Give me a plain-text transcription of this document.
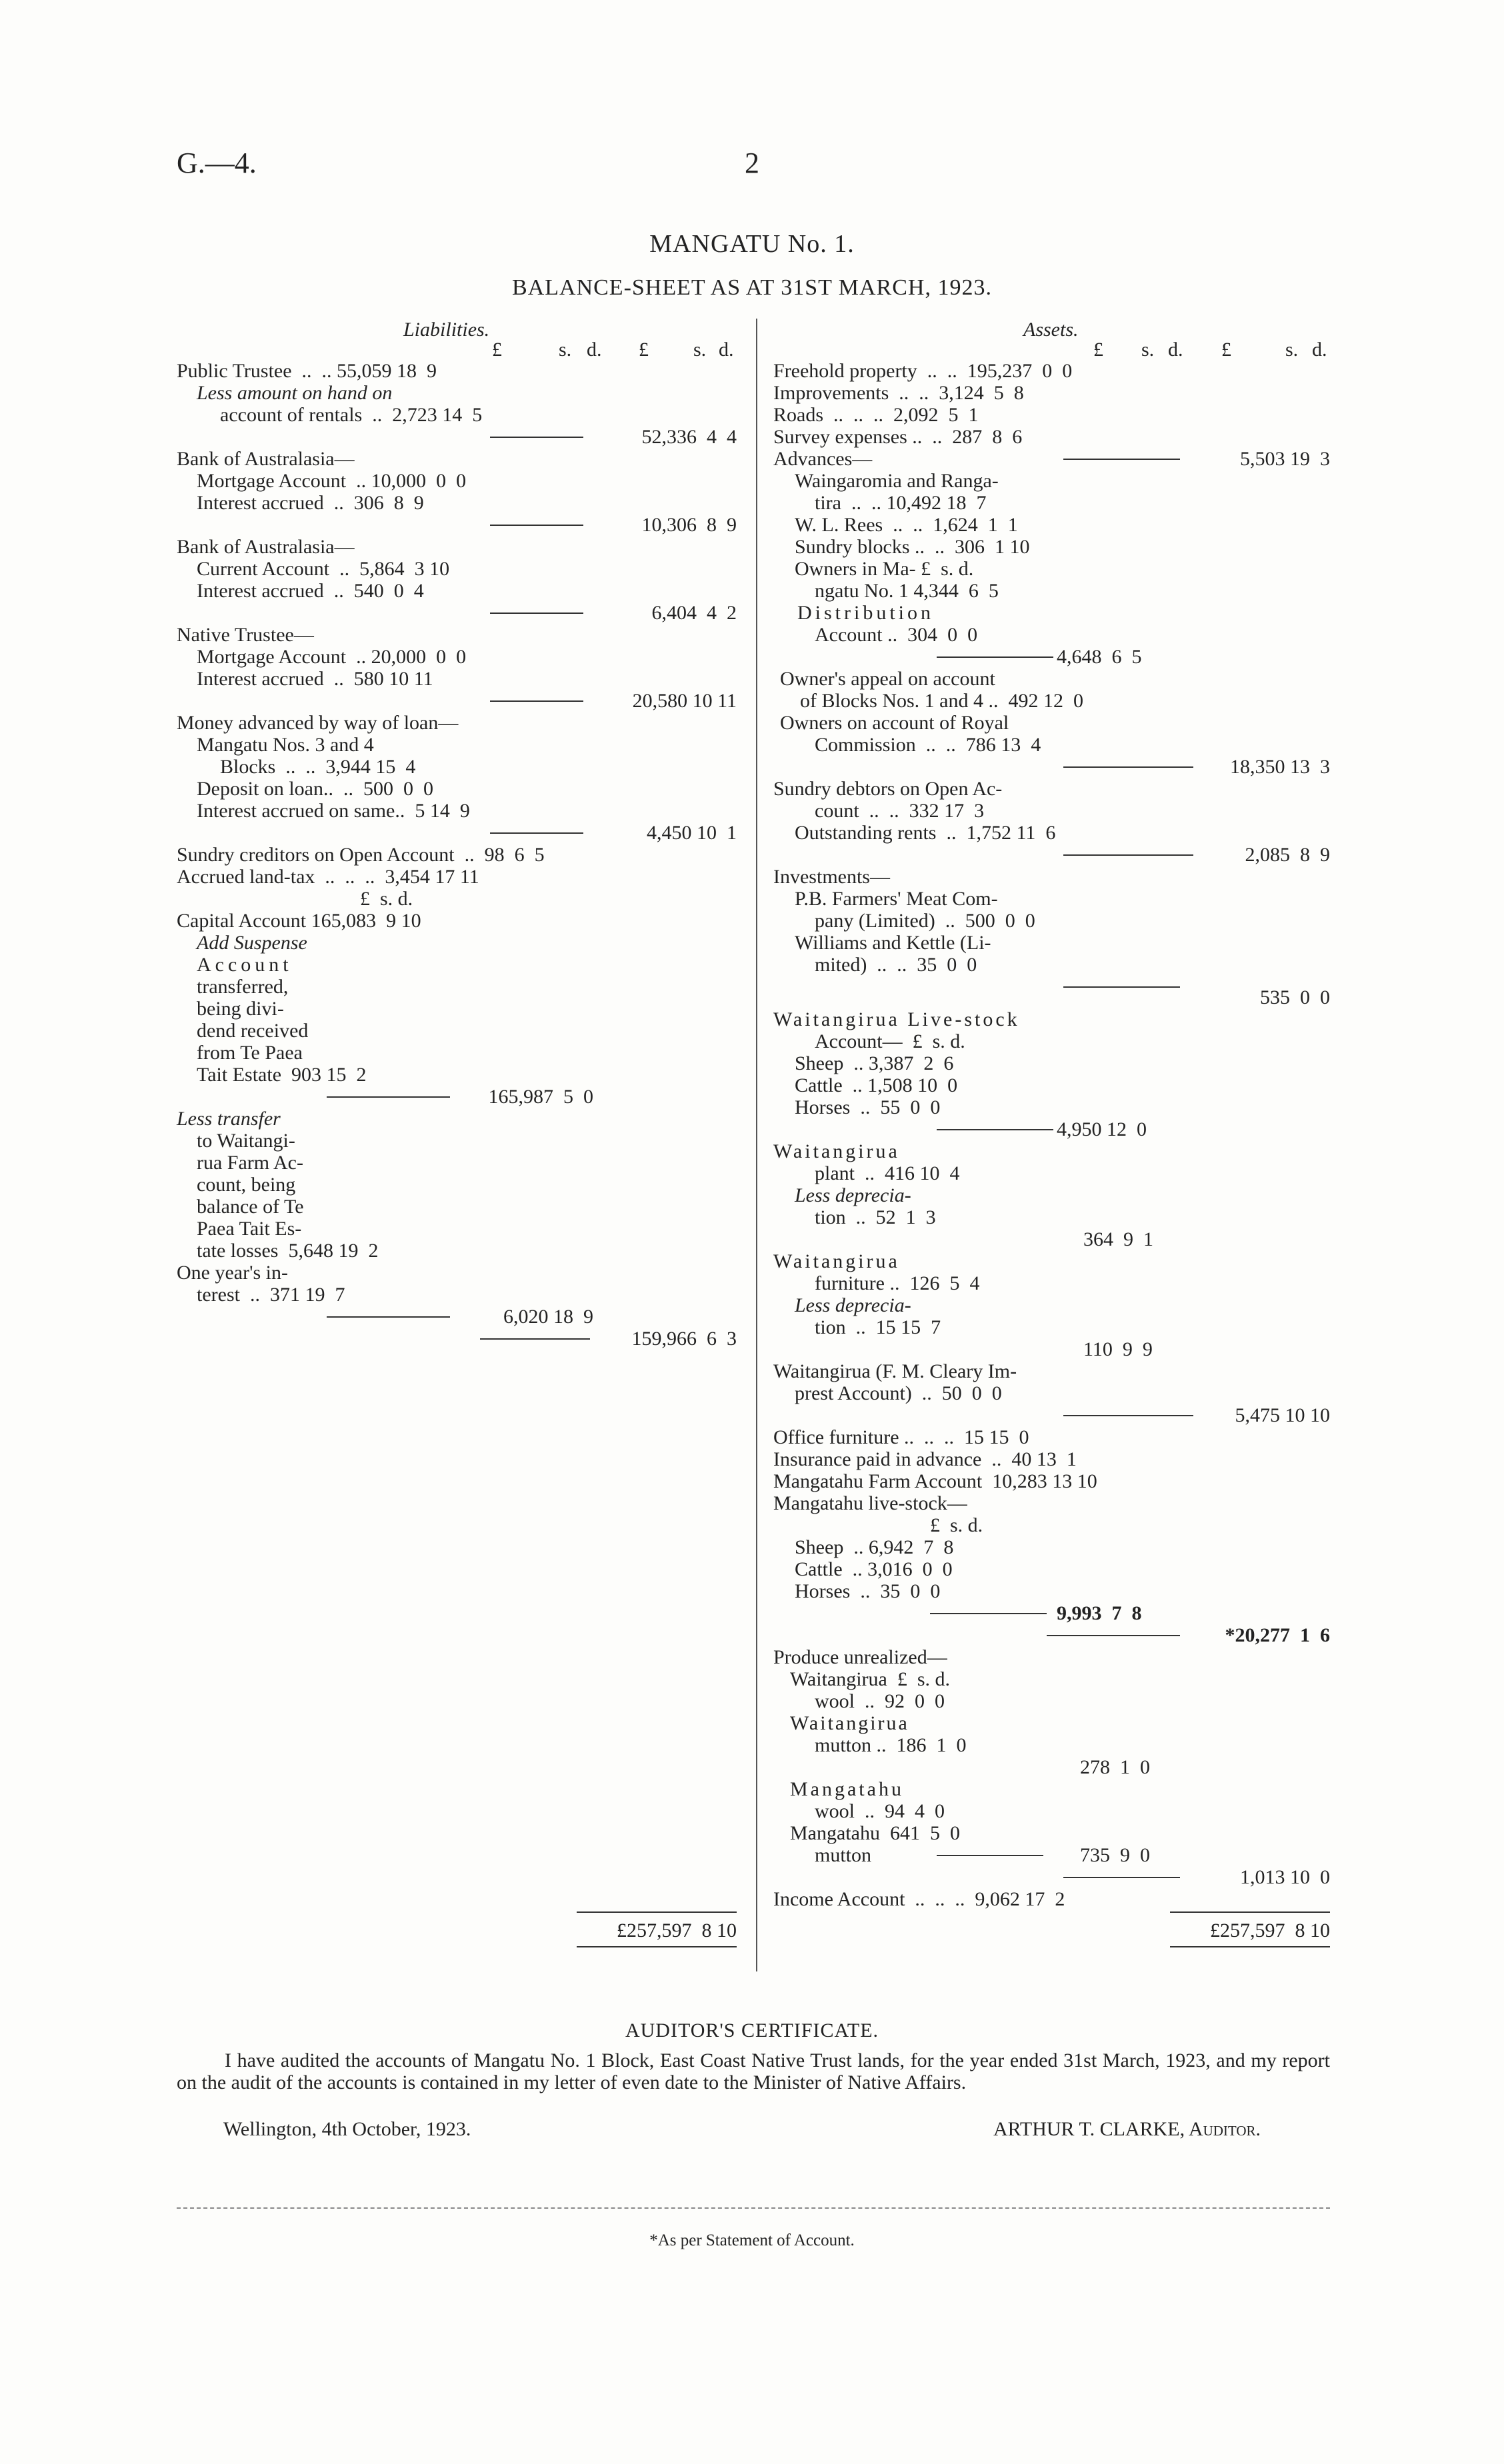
G.—4.	2
MANGATU No. 1.
BALANCE-SHEET AS AT 31ST MARCH, 1923.
Liabilities.
£	s. d. £ s. d.
Public Trustee  ..  .. 55,059 18  9
Less amount on hand on
account of rentals  ..  2,723 14  5
52,336  4  4
Bank of Australasia—
Mortgage Account  .. 10,000  0  0
Interest accrued  ..  306  8  9
10,306  8  9
Bank of Australasia—
Current Account  ..  5,864  3 10
Interest accrued  ..  540  0  4
6,404  4  2
Native Trustee—
Mortgage Account  .. 20,000  0  0
Interest accrued  ..  580 10 11
20,580 10 11
Money advanced by way of loan—
Mangatu Nos. 3 and 4
Blocks  ..  ..  3,944 15  4
Deposit on loan..  ..  500  0  0
Interest accrued on same..  5 14  9
4,450 10  1
Sundry creditors on Open Account  ..  98  6  5
Accrued land-tax  ..  ..  ..  3,454 17 11
£  s. d.
Capital Account 165,083  9 10
Add Suspense
Account
transferred,
being divi-
dend received
from Te Paea
Tait Estate  903 15  2
165,987  5  0
Less transfer
to Waitangi-
rua Farm Ac-
count, being
balance of Te
Paea Tait Es-
tate losses  5,648 19  2
One year's in-
terest  ..  371 19  7
6,020 18  9
159,966  6  3
£257,597  8 10
Assets.
£ s. d. £	s. d.
Freehold property  ..  ..  195,237  0  0
Improvements  ..  ..  3,124  5  8
Roads  ..  ..  ..  2,092  5  1
Survey expenses ..  ..  287  8  6
Advances—	5,503 19  3
Waingaromia and Ranga-
tira  ..  .. 10,492 18  7
W. L. Rees  ..  ..  1,624  1  1
Sundry blocks ..  ..  306  1 10
Owners in Ma- £  s. d.
ngatu No. 1 4,344  6  5
Distribution
Account ..  304  0  0
4,648  6  5
Owner's appeal on account
of Blocks Nos. 1 and 4 ..  492 12  0
Owners on account of Royal
Commission  ..  ..  786 13  4
18,350 13  3
Sundry debtors on Open Ac-
count  ..  ..  332 17  3
Outstanding rents  ..  1,752 11  6
2,085  8  9
Investments—
P.B. Farmers' Meat Com-
pany (Limited)  ..  500  0  0
Williams and Kettle (Li-
mited)  ..  ..  35  0  0
535  0  0
Waitangirua Live-stock
Account—  £  s. d.
Sheep  .. 3,387  2  6
Cattle  .. 1,508 10  0
Horses  ..  55  0  0
4,950 12  0
Waitangirua
plant  ..  416 10  4
Less deprecia-
tion  ..  52  1  3
364  9  1
Waitangirua
furniture ..  126  5  4
Less deprecia-
tion  ..  15 15  7
110  9  9
Waitangirua (F. M. Cleary Im-
prest Account)  ..  50  0  0
5,475 10 10
Office furniture ..  ..  ..  15 15  0
Insurance paid in advance  ..  40 13  1
Mangatahu Farm Account  10,283 13 10
Mangatahu live-stock—
£  s. d.
Sheep  .. 6,942  7  8
Cattle  .. 3,016  0  0
Horses  ..  35  0  0
9,993  7  8
*20,277  1  6
Produce unrealized—
Waitangirua  £  s. d.
wool  ..  92  0  0
Waitangirua
mutton ..  186  1  0
278  1  0
Mangatahu
wool  ..  94  4  0
Mangatahu  641  5  0
mutton	735  9  0
1,013 10  0
Income Account  ..  ..  ..  9,062 17  2
£257,597  8 10
AUDITOR'S CERTIFICATE.
I have audited the accounts of Mangatu No. 1 Block, East Coast Native Trust lands, for the year ended 31st March, 1923, and my report on the audit of the accounts is contained in my letter of even date to the Minister of Native Affairs.
Wellington, 4th October, 1923.	ARTHUR T. CLARKE, Auditor.
*As per Statement of Account.
